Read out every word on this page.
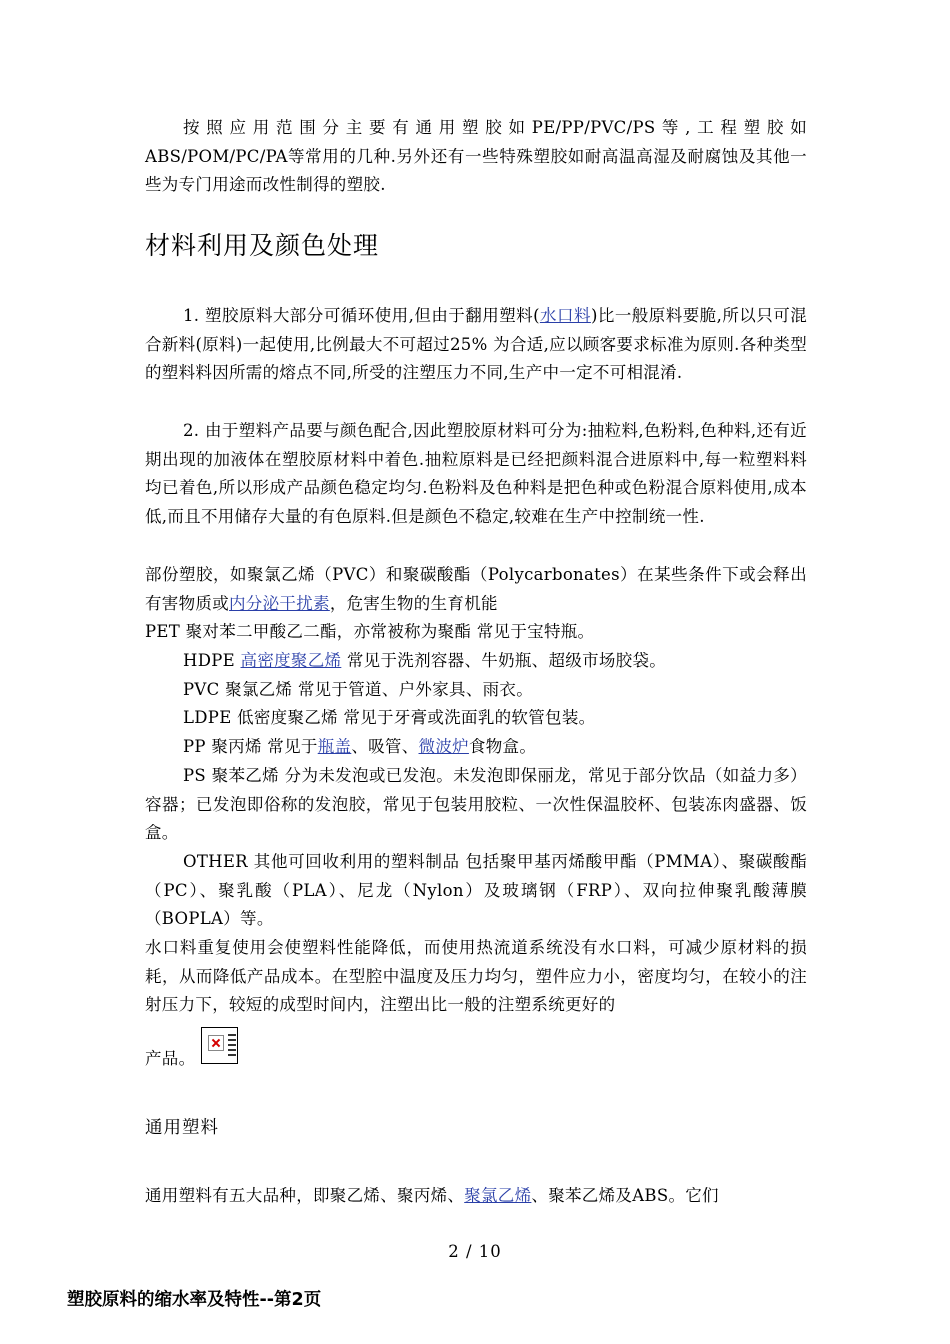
按照应用范围分主要有通用塑胶如PE/PP/PVC/PS等,工程塑胶如ABS/POM/PC/PA等常用的几种.另外还有一些特殊塑胶如耐高温高湿及耐腐蚀及其他一些为专门用途而改性制得的塑胶.
材料利用及颜色处理
1. 塑胶原料大部分可循环使用,但由于翻用塑料(水口料)比一般原料要脆,所以只可混合新料(原料)一起使用,比例最大不可超过25% 为合适,应以顾客要求标准为原则.各种类型的塑料料因所需的熔点不同,所受的注塑压力不同,生产中一定不可相混淆.
2. 由于塑料产品要与颜色配合,因此塑胶原材料可分为:抽粒料,色粉料,色种料,还有近期出现的加液体在塑胶原材料中着色.抽粒原料是已经把颜料混合进原料中,每一粒塑料料均已着色,所以形成产品颜色稳定均匀.色粉料及色种料是把色种或色粉混合原料使用,成本低,而且不用储存大量的有色原料.但是颜色不稳定,较难在生产中控制统一性.
部份塑胶，如聚氯乙烯（PVC）和聚碳酸酯（Polycarbonates）在某些条件下或会释出有害物质或内分泌干扰素，危害生物的生育机能
PET 聚对苯二甲酸乙二酯，亦常被称为聚酯 常见于宝特瓶。
HDPE 高密度聚乙烯 常见于洗剂容器、牛奶瓶、超级市场胶袋。
PVC 聚氯乙烯 常见于管道、户外家具、雨衣。
LDPE 低密度聚乙烯 常见于牙膏或洗面乳的软管包装。
PP 聚丙烯 常见于瓶盖、吸管、微波炉食物盒。
PS 聚苯乙烯 分为未发泡或已发泡。未发泡即保丽龙，常见于部分饮品（如益力多）容器；已发泡即俗称的发泡胶，常见于包装用胶粒、一次性保温胶杯、包装冻肉盛器、饭盒。
OTHER 其他可回收利用的塑料制品 包括聚甲基丙烯酸甲酯（PMMA）、聚碳酸酯（PC）、聚乳酸（PLA）、尼龙（Nylon）及玻璃钢（FRP）、双向拉伸聚乳酸薄膜（BOPLA）等。
水口料重复使用会使塑料性能降低，而使用热流道系统没有水口料，可减少原材料的损耗，从而降低产品成本。在型腔中温度及压力均匀，塑件应力小，密度均匀，在较小的注射压力下，较短的成型时间内，注塑出比一般的注塑系统更好的
产品。
通用塑料
通用塑料有五大品种，即聚乙烯、聚丙烯、聚氯乙烯、聚苯乙烯及ABS。它们
2 / 10
塑胶原料的缩水率及特性--第2页
